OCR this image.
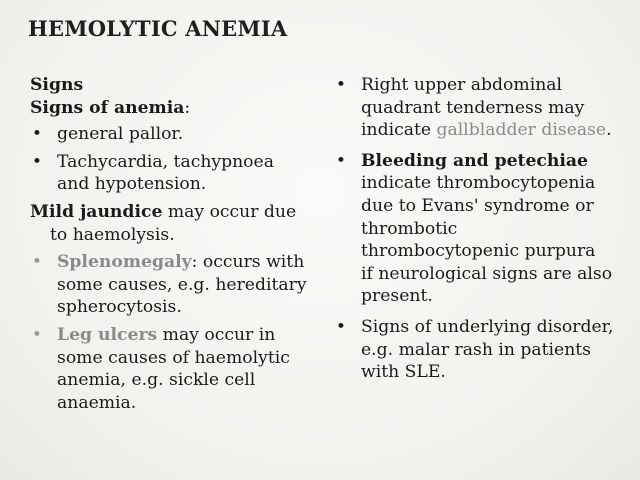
HEMOLYTIC ANEMIA
Signs
Signs of anemia:
• general pallor.
• Tachycardia, tachypnoea
and hypotension.
Mild jaundice may occur due
to haemolysis.
• Splenomegaly: occurs with
some causes, e.g. hereditary
spherocytosis.
• Leg ulcers may occur in
some causes of haemolytic
anemia, e.g. sickle cell
anaemia.
• Right upper abdominal
quadrant tenderness may
indicate gallbladder disease.
• Bleeding and petechiae
indicate thrombocytopenia
due to Evans' syndrome or
thrombotic
thrombocytopenic purpura
if neurological signs are also
present.
• Signs of underlying disorder,
e.g. malar rash in patients
with SLE.
